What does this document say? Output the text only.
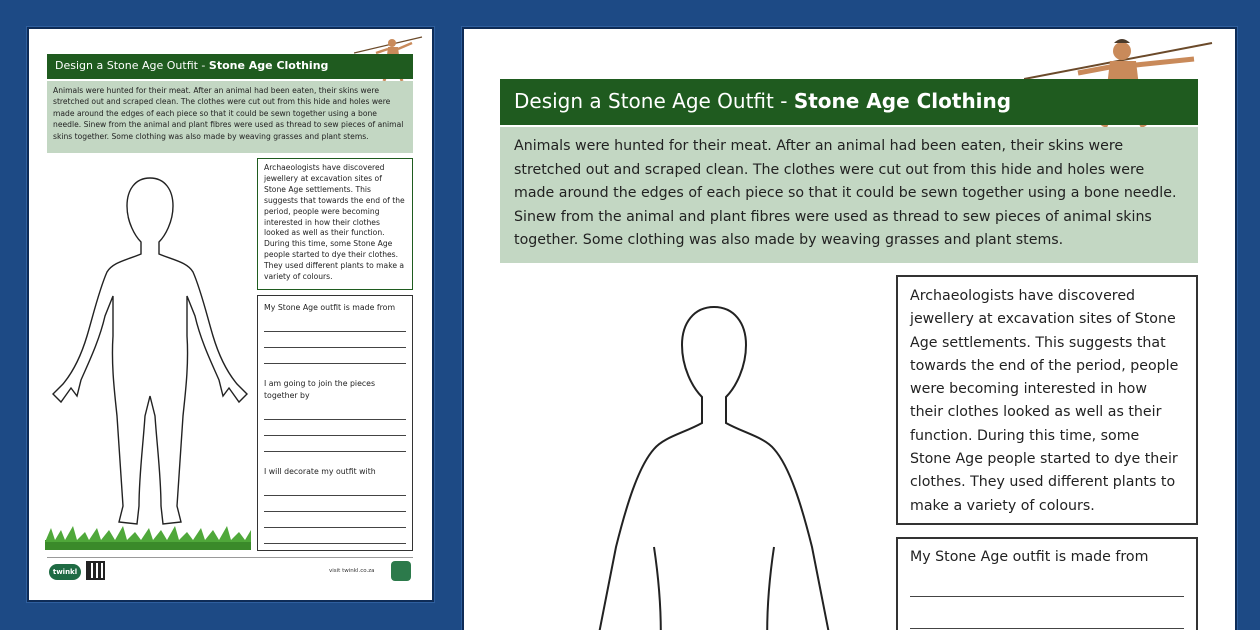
Design a Stone Age Outfit - Stone Age Clothing
Animals were hunted for their meat. After an animal had been eaten, their skins were stretched out and scraped clean. The clothes were cut out from this hide and holes were made around the edges of each piece so that it could be sewn together using a bone needle. Sinew from the animal and plant fibres were used as thread to sew pieces of animal skins together. Some clothing was also made by weaving grasses and plant stems.
Archaeologists have discovered jewellery at excavation sites of Stone Age settlements. This suggests that towards the end of the period, people were becoming interested in how their clothes looked as well as their function. During this time, some Stone Age people started to dye their clothes. They used different plants to make a variety of colours.
My Stone Age outfit is made from
I am going to join the pieces together by
I will decorate my outfit with
twinkl	visit twinkl.co.za
Design a Stone Age Outfit - Stone Age Clothing
Animals were hunted for their meat. After an animal had been eaten, their skins were stretched out and scraped clean. The clothes were cut out from this hide and holes were made around the edges of each piece so that it could be sewn together using a bone needle. Sinew from the animal and plant fibres were used as thread to sew pieces of animal skins together. Some clothing was also made by weaving grasses and plant stems.
Archaeologists have discovered jewellery at excavation sites of Stone Age settlements. This suggests that towards the end of the period, people were becoming interested in how their clothes looked as well as their function. During this time, some Stone Age people started to dye their clothes. They used different plants to make a variety of colours.
My Stone Age outfit is made from
